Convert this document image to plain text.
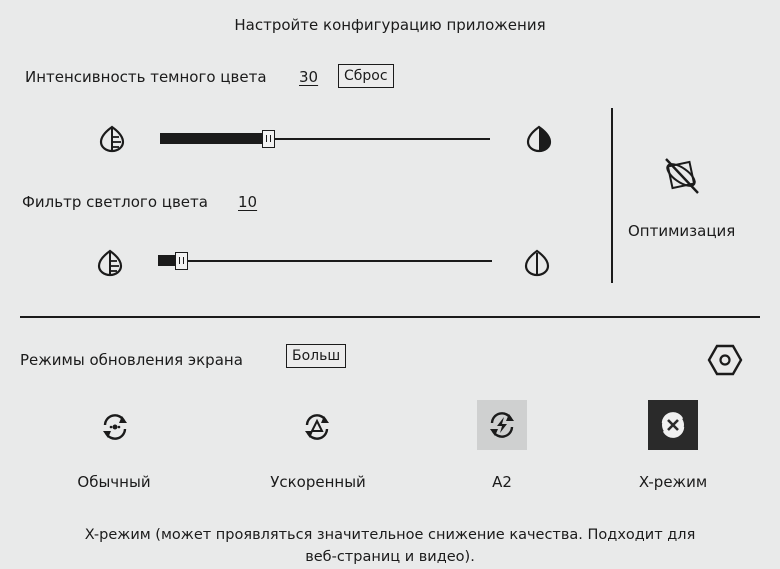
Настройте конфигурацию приложения
Интенсивность темного цвета 30	Сброс
Фильтр светлого цвета 10
Оптимизация
Режимы обновления экрана	Больш
Обычный	Ускоренный	A2	X-режим
X-режим (может проявляться значительное снижение качества. Подходит для
веб-страниц и видео).
